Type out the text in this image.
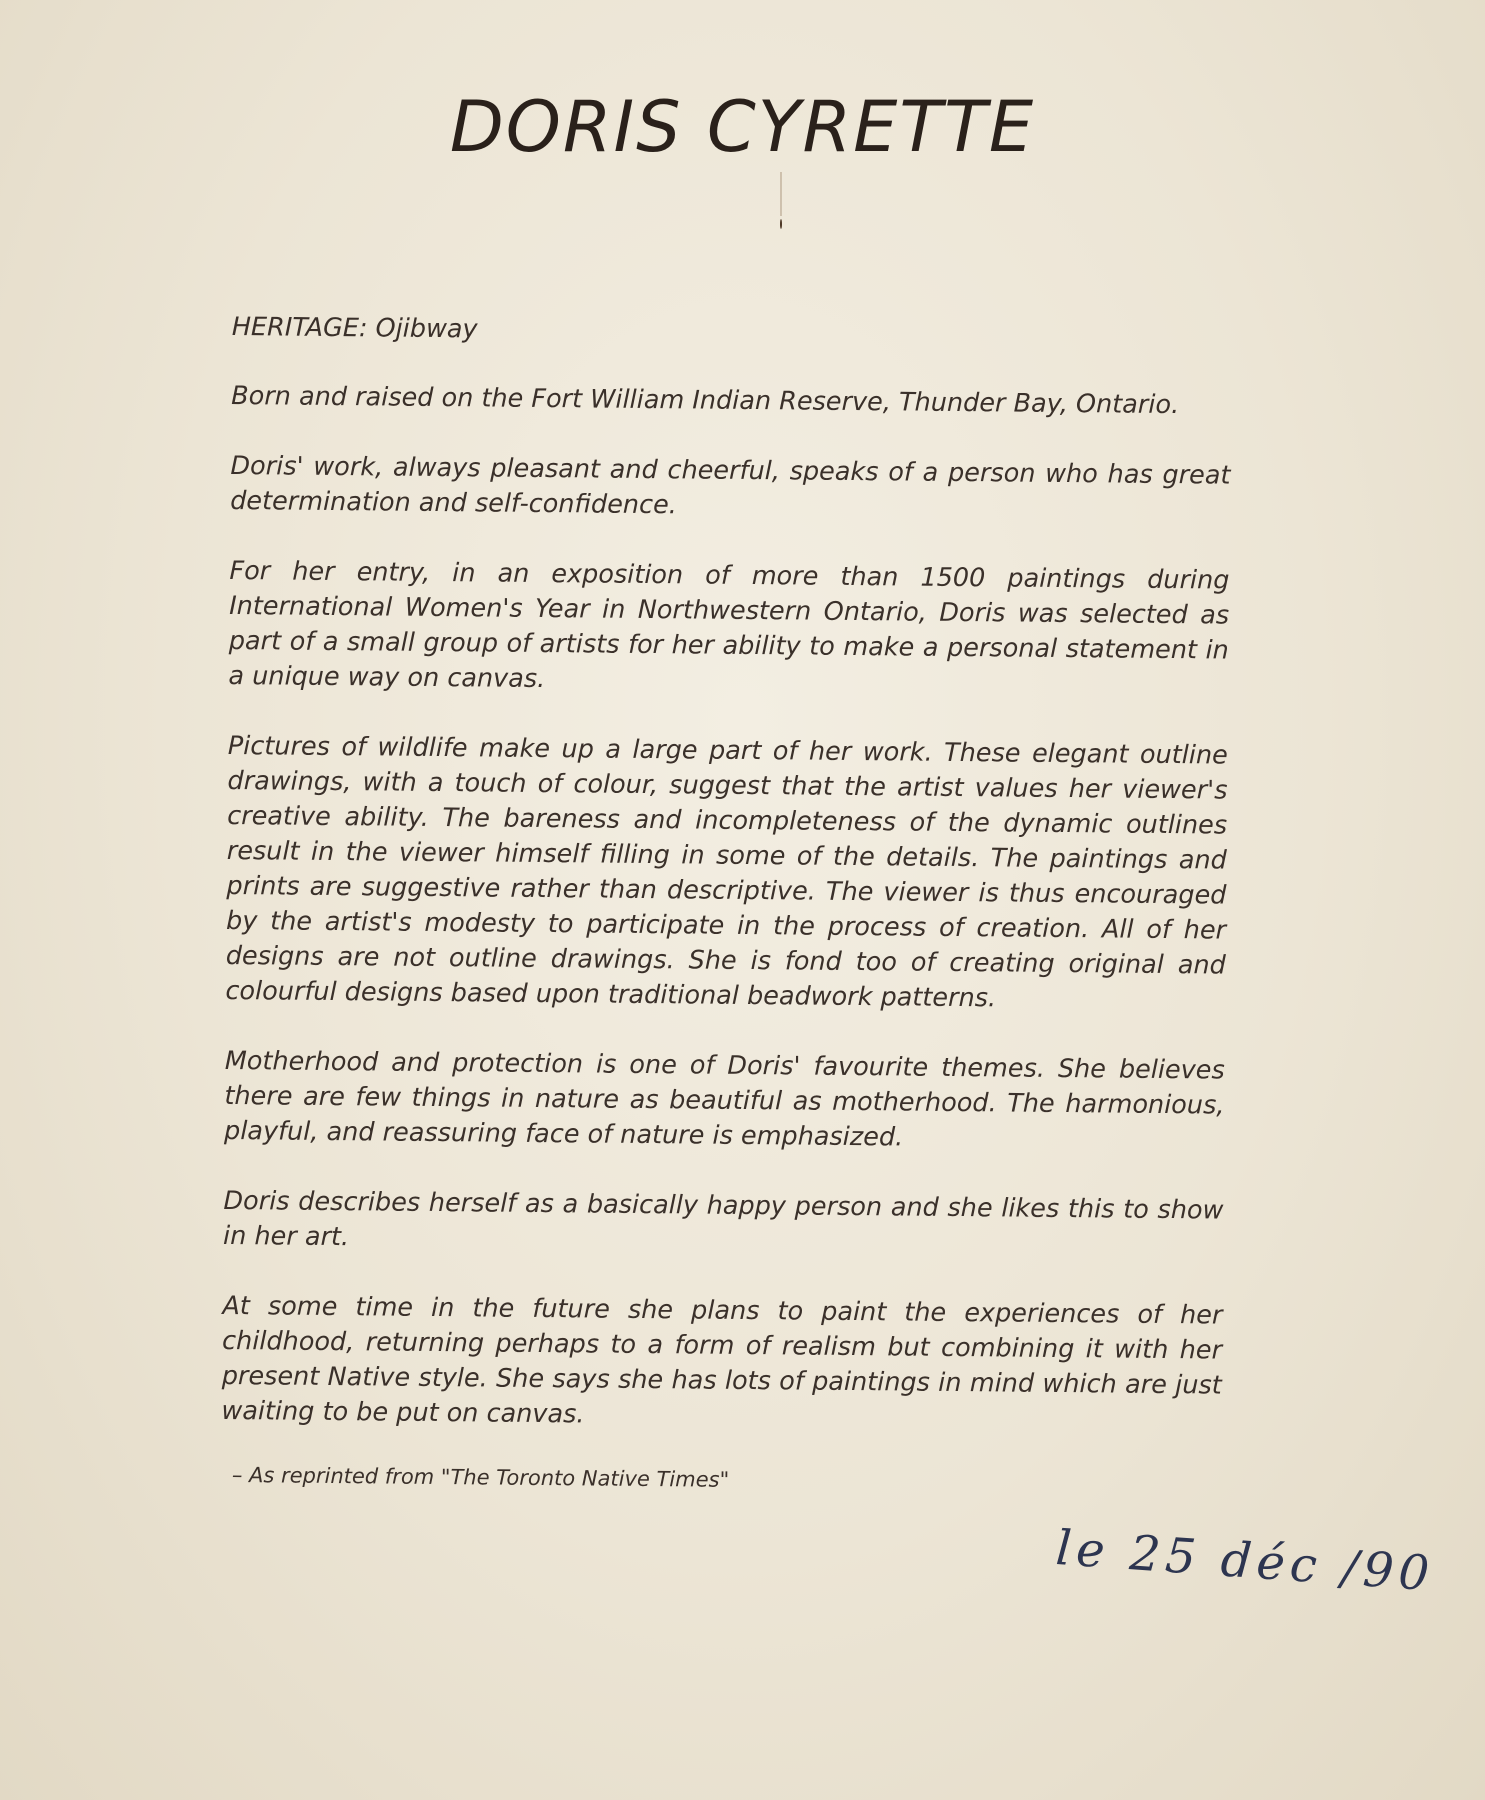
DORIS CYRETTE

HERITAGE: Ojibway

Born and raised on the Fort William Indian Reserve, Thunder Bay, Ontario.

Doris' work, always pleasant and cheerful, speaks of a person who has great determination and self-confidence.

For her entry, in an exposition of more than 1500 paintings during International Women's Year in Northwestern Ontario, Doris was selected as part of a small group of artists for her ability to make a personal statement in a unique way on canvas.

Pictures of wildlife make up a large part of her work. These elegant outline drawings, with a touch of colour, suggest that the artist values her viewer's creative ability. The bareness and incompleteness of the dynamic outlines result in the viewer himself filling in some of the details. The paintings and prints are suggestive rather than descriptive. The viewer is thus encouraged by the artist's modesty to participate in the process of creation. All of her designs are not outline drawings. She is fond too of creating original and colourful designs based upon traditional beadwork patterns.

Motherhood and protection is one of Doris' favourite themes. She believes there are few things in nature as beautiful as motherhood. The harmonious, playful, and reassuring face of nature is emphasized.

Doris describes herself as a basically happy person and she likes this to show in her art.

At some time in the future she plans to paint the experiences of her childhood, returning perhaps to a form of realism but combining it with her present Native style. She says she has lots of paintings in mind which are just waiting to be put on canvas.

– As reprinted from "The Toronto Native Times"
le 25 déc /90
